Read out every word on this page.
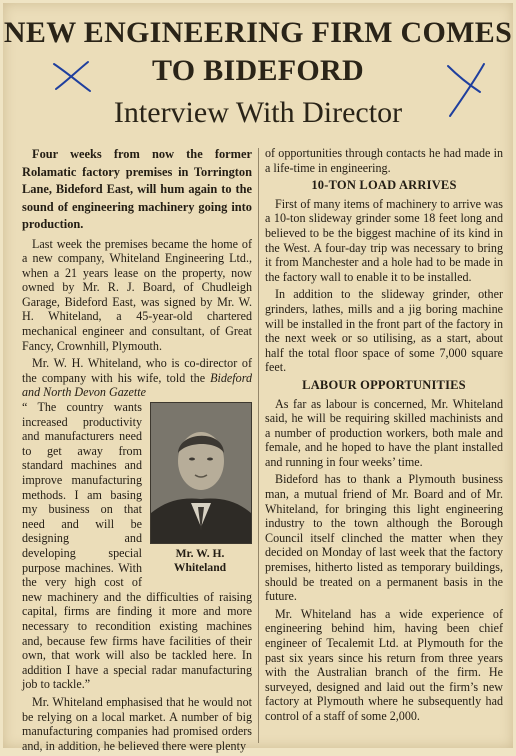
NEW ENGINEERING FIRM COMES
TO BIDEFORD
Interview With Director

Four weeks from now the former Rolamatic factory premises in Torrington Lane, Bideford East, will hum again to the sound of engineering machinery going into production.

Last week the premises became the home of a new company, Whiteland Engineering Ltd., when a 21 years lease on the property, now owned by Mr. R. J. Board, of Chudleigh Garage, Bideford East, was signed by Mr. W. H. Whiteland, a 45-year-old chartered mechanical engineer and consultant, of Great Fancy, Crownhill, Plymouth.

Mr. W. H. Whiteland, who is co-director of the company with his wife, told the Bideford and North Devon Gazette

Mr. W. H.
Whiteland

“ The country wants increased productivity and manufacturers need to get away from standard machines and improve manufacturing methods. I am basing my business on that need and will be designing and developing special purpose machines. With the very high cost of new machinery and the difficulties of raising capital, firms are finding it more and more necessary to recondition existing machines and, because few firms have facilities of their own, that work will also be tackled here. In addition I have a special radar manufacturing job to tackle.”

Mr. Whiteland emphasised that he would not be relying on a local market. A number of big manufacturing companies had promised orders and, in addition, he believed there were plenty

of opportunities through contacts he had made in a life-time in engineering.

10-TON LOAD ARRIVES

First of many items of machinery to arrive was a 10-ton slideway grinder some 18 feet long and believed to be the biggest machine of its kind in the West. A four-day trip was necessary to bring it from Manchester and a hole had to be made in the factory wall to enable it to be installed.

In addition to the slideway grinder, other grinders, lathes, mills and a jig boring machine will be installed in the front part of the factory in the next week or so utilising, as a start, about half the total floor space of some 7,000 square feet.

LABOUR OPPORTUNITIES

As far as labour is concerned, Mr. Whiteland said, he will be requiring skilled machinists and a number of production workers, both male and female, and he hoped to have the plant installed and running in four weeks’ time.

Bideford has to thank a Plymouth business man, a mutual friend of Mr. Board and of Mr. Whiteland, for bringing this light engineering industry to the town although the Borough Council itself clinched the matter when they decided on Monday of last week that the factory premises, hitherto listed as temporary buildings, should be treated on a permanent basis in the future.

Mr. Whiteland has a wide experience of engineering behind him, having been chief engineer of Tecalemit Ltd. at Plymouth for the past six years since his return from three years with the Australian branch of the firm. He surveyed, designed and laid out the firm’s new factory at Plymouth where he subsequently had control of a staff of some 2,000.
